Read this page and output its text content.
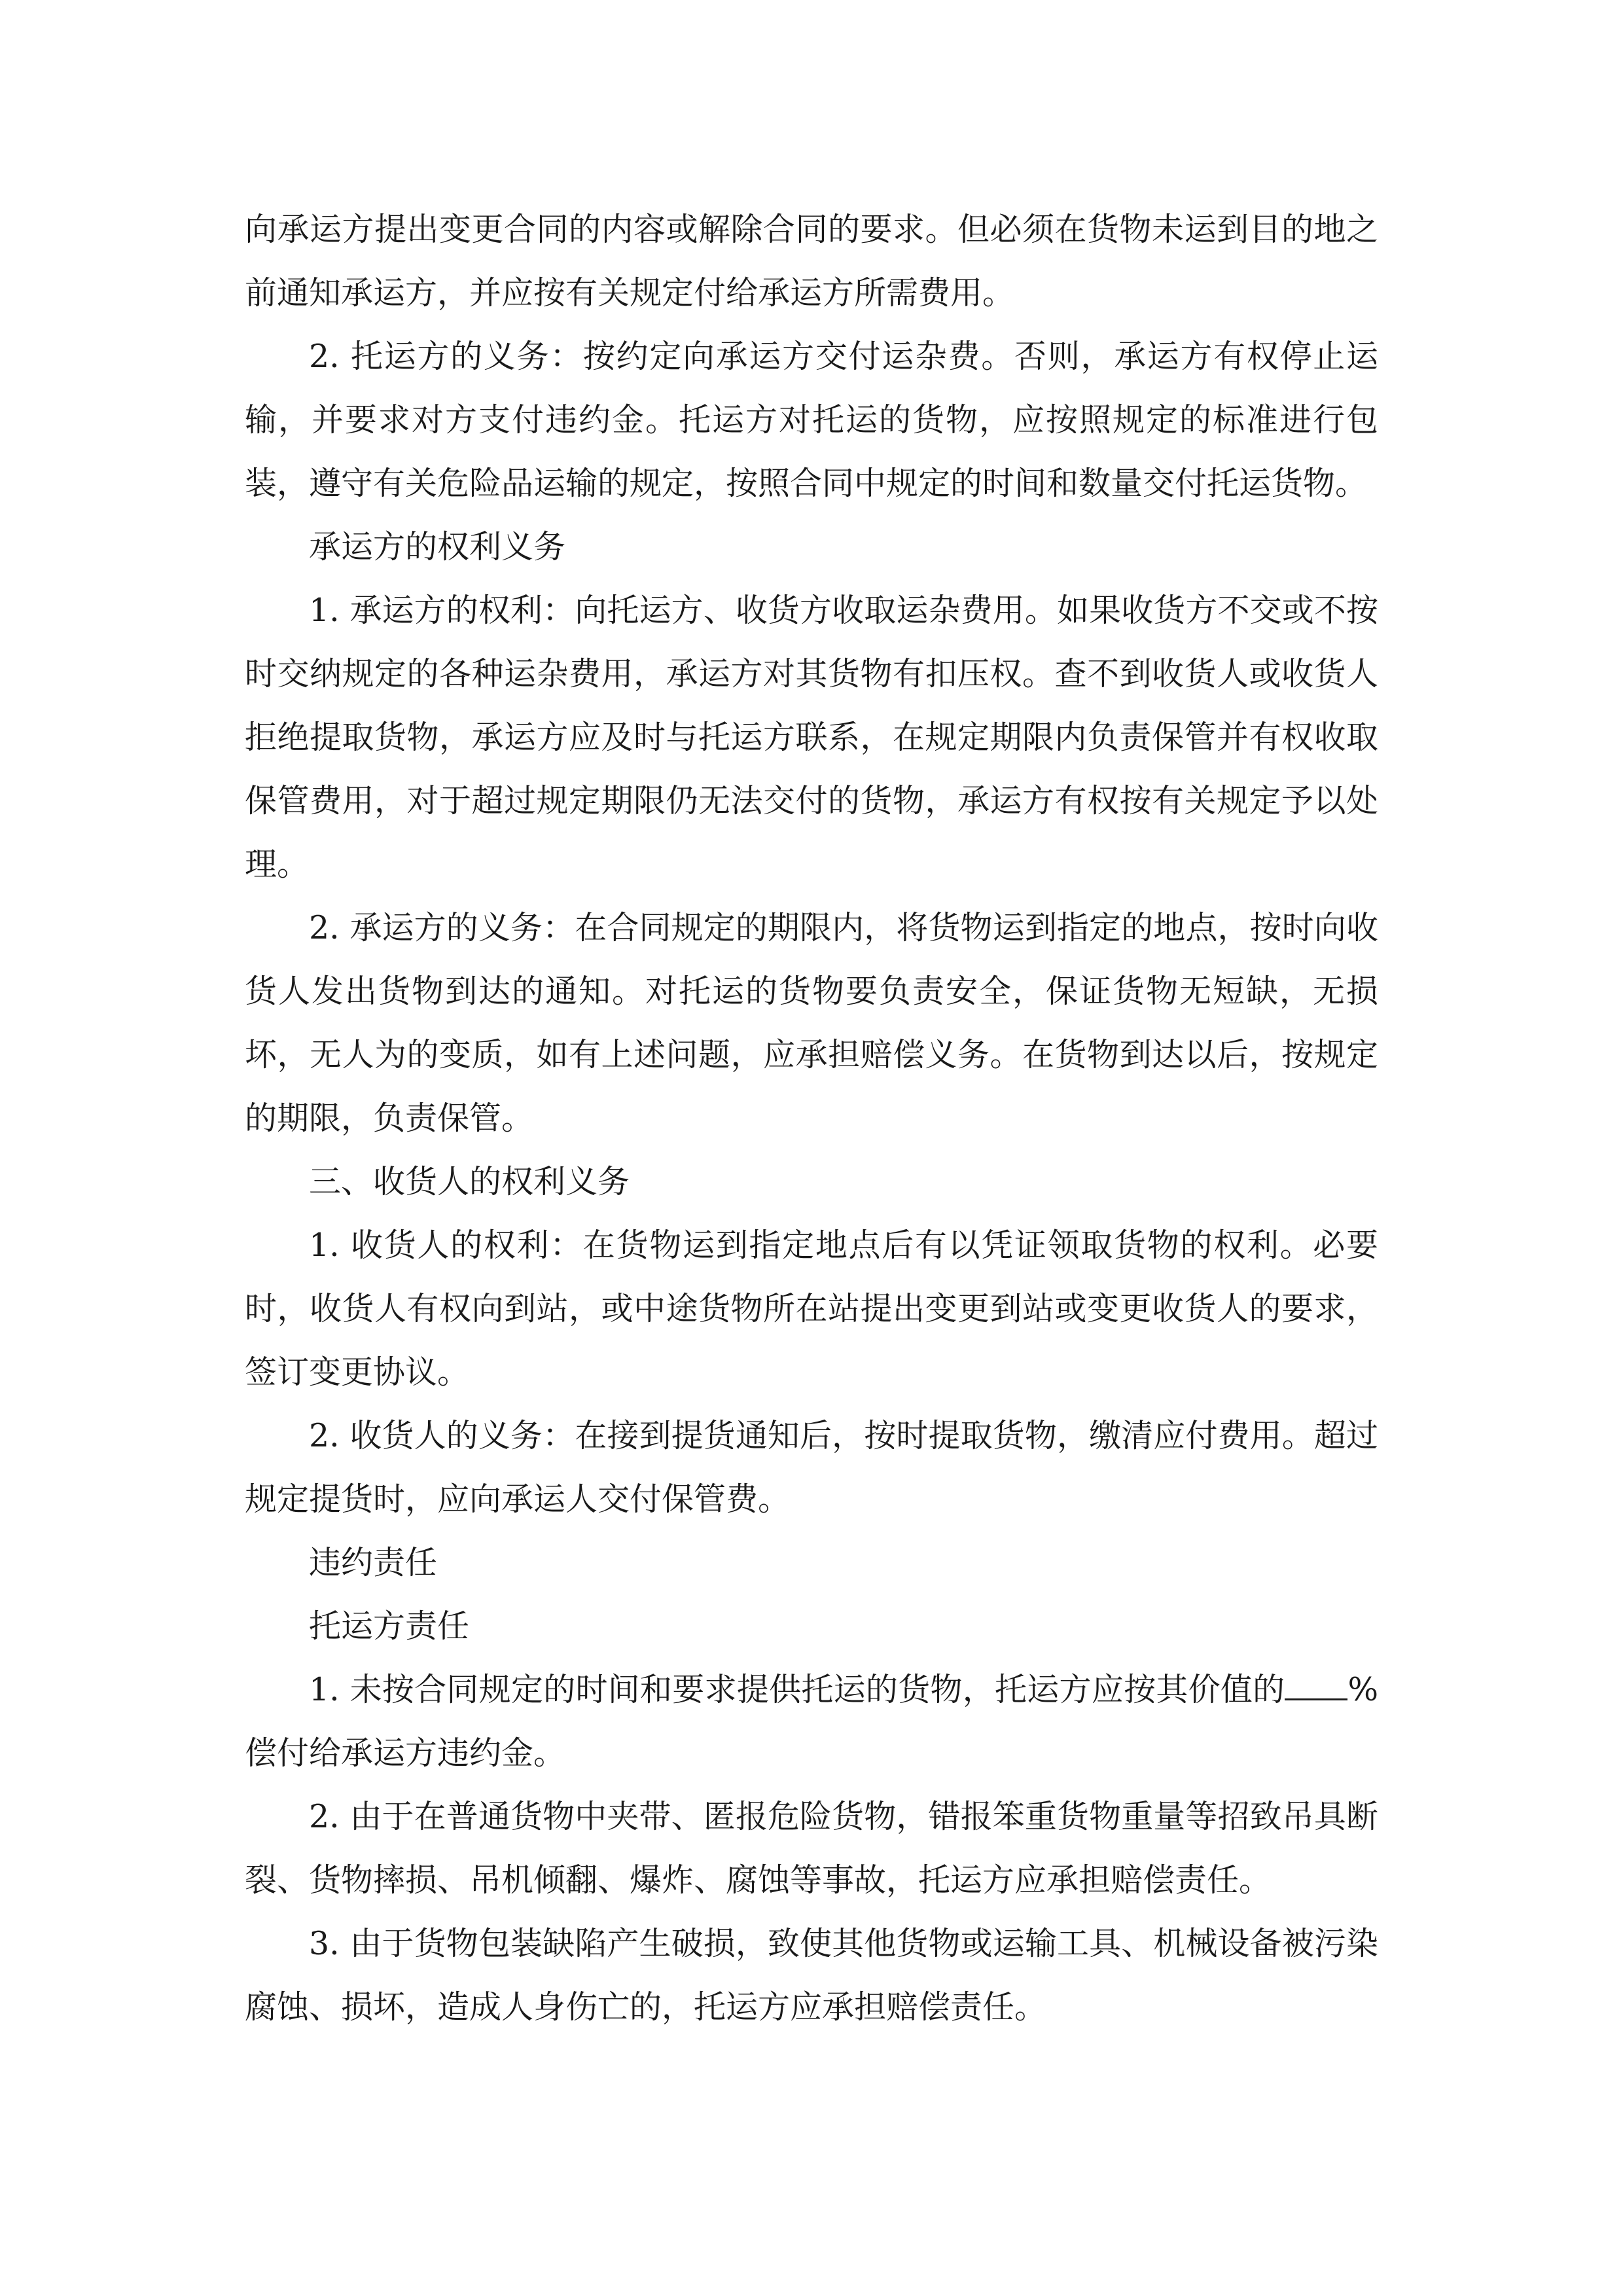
向承运方提出变更合同的内容或解除合同的要求。但必须在货物未运到目的地之前通知承运方，并应按有关规定付给承运方所需费用。

2. 托运方的义务：按约定向承运方交付运杂费。否则，承运方有权停止运输，并要求对方支付违约金。托运方对托运的货物，应按照规定的标准进行包装，遵守有关危险品运输的规定，按照合同中规定的时间和数量交付托运货物。

承运方的权利义务

1. 承运方的权利：向托运方、收货方收取运杂费用。如果收货方不交或不按时交纳规定的各种运杂费用，承运方对其货物有扣压权。查不到收货人或收货人拒绝提取货物，承运方应及时与托运方联系，在规定期限内负责保管并有权收取保管费用，对于超过规定期限仍无法交付的货物，承运方有权按有关规定予以处理。

2. 承运方的义务：在合同规定的期限内，将货物运到指定的地点，按时向收货人发出货物到达的通知。对托运的货物要负责安全，保证货物无短缺，无损坏，无人为的变质，如有上述问题，应承担赔偿义务。在货物到达以后，按规定的期限，负责保管。

三、收货人的权利义务

1. 收货人的权利：在货物运到指定地点后有以凭证领取货物的权利。必要时，收货人有权向到站，或中途货物所在站提出变更到站或变更收货人的要求，签订变更协议。

2. 收货人的义务：在接到提货通知后，按时提取货物，缴清应付费用。超过规定提货时，应向承运人交付保管费。

违约责任

托运方责任

1. 未按合同规定的时间和要求提供托运的货物，托运方应按其价值的 %偿付给承运方违约金。

2. 由于在普通货物中夹带、匿报危险货物，错报笨重货物重量等招致吊具断裂、货物摔损、吊机倾翻、爆炸、腐蚀等事故，托运方应承担赔偿责任。

3. 由于货物包装缺陷产生破损，致使其他货物或运输工具、机械设备被污染腐蚀、损坏，造成人身伤亡的，托运方应承担赔偿责任。
